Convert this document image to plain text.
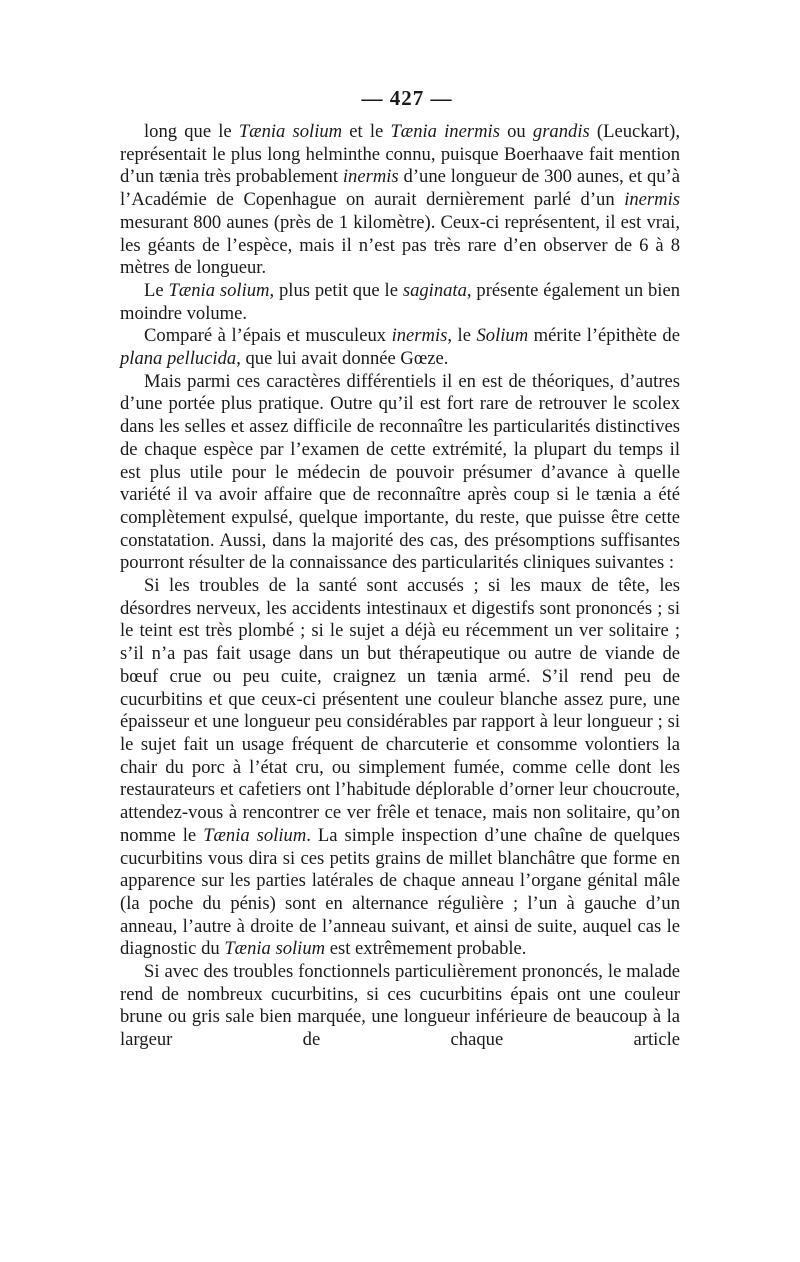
— 427 —

long que le Tænia solium et le Tænia inermis ou grandis (Leuckart), représentait le plus long helminthe connu, puisque Boerhaave fait mention d’un tænia très probablement inermis d’une longueur de 300 aunes, et qu’à l’Académie de Copenhague on aurait dernièrement parlé d’un inermis mesurant 800 aunes (près de 1 kilomètre). Ceux-ci représentent, il est vrai, les géants de l’espèce, mais il n’est pas très rare d’en observer de 6 à 8 mètres de longueur.

Le Tænia solium, plus petit que le saginata, présente également un bien moindre volume.

Comparé à l’épais et musculeux inermis, le Solium mérite l’épithète de plana pellucida, que lui avait donnée Gœze.

Mais parmi ces caractères différentiels il en est de théoriques, d’autres d’une portée plus pratique. Outre qu’il est fort rare de retrouver le scolex dans les selles et assez difficile de reconnaître les particularités distinctives de chaque espèce par l’examen de cette extrémité, la plupart du temps il est plus utile pour le médecin de pouvoir présumer d’avance à quelle variété il va avoir affaire que de reconnaître après coup si le tænia a été complètement expulsé, quelque importante, du reste, que puisse être cette constatation. Aussi, dans la majorité des cas, des présomptions suffisantes pourront résulter de la connaissance des particularités cliniques suivantes :

Si les troubles de la santé sont accusés ; si les maux de tête, les désordres nerveux, les accidents intestinaux et digestifs sont prononcés ; si le teint est très plombé ; si le sujet a déjà eu récemment un ver solitaire ; s’il n’a pas fait usage dans un but thérapeutique ou autre de viande de bœuf crue ou peu cuite, craignez un tænia armé. S’il rend peu de cucurbitins et que ceux-ci présentent une couleur blanche assez pure, une épaisseur et une longueur peu considérables par rapport à leur longueur ; si le sujet fait un usage fréquent de charcuterie et consomme volontiers la chair du porc à l’état cru, ou simplement fumée, comme celle dont les restaurateurs et cafetiers ont l’habitude déplorable d’orner leur choucroute, attendez-vous à rencontrer ce ver frêle et tenace, mais non solitaire, qu’on nomme le Tænia solium. La simple inspection d’une chaîne de quelques cucurbitins vous dira si ces petits grains de millet blanchâtre que forme en apparence sur les parties latérales de chaque anneau l’organe génital mâle (la poche du pénis) sont en alternance régulière ; l’un à gauche d’un anneau, l’autre à droite de l’anneau suivant, et ainsi de suite, auquel cas le diagnostic du Tænia solium est extrêmement probable.

Si avec des troubles fonctionnels particulièrement prononcés, le malade rend de nombreux cucurbitins, si ces cucurbitins épais ont une couleur brune ou gris sale bien marquée, une longueur inférieure de beaucoup à la largeur de chaque article
